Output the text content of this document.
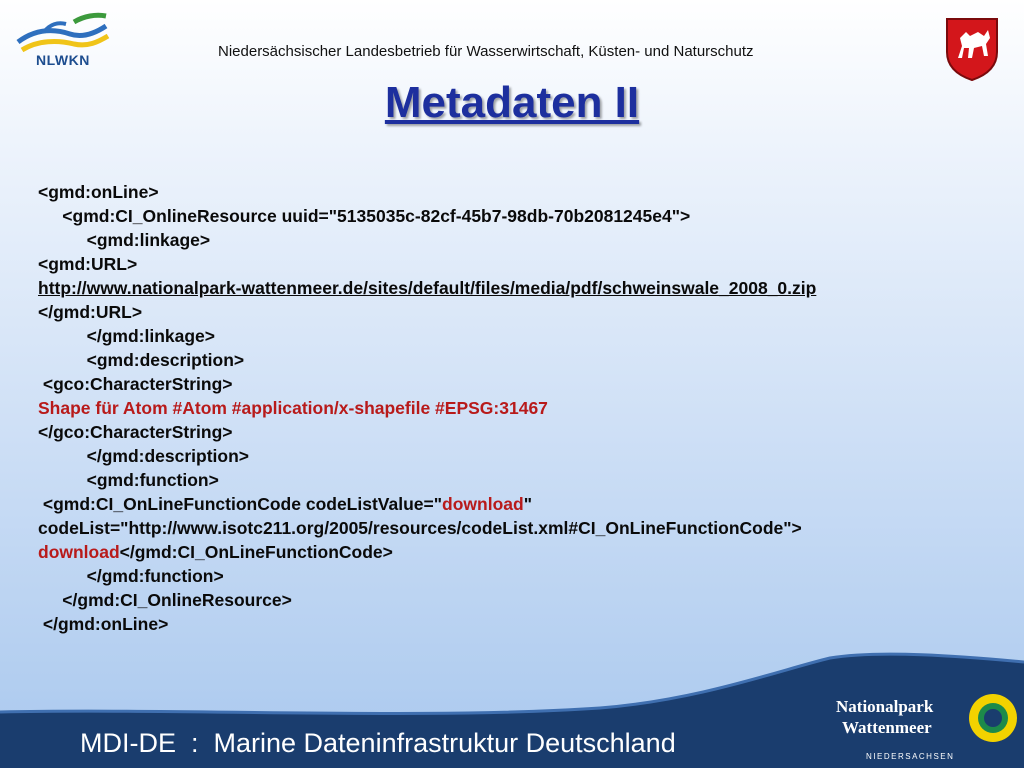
NLWKN	Niedersächsischer Landesbetrieb für Wasserwirtschaft, Küsten- und Naturschutz
Metadaten II
<gmd:onLine>
<gmd:CI_OnlineResource uuid="5135035c-82cf-45b7-98db-70b2081245e4">
<gmd:linkage>
<gmd:URL>
http://www.nationalpark-wattenmeer.de/sites/default/files/media/pdf/schweinswale_2008_0.zip
</gmd:URL>
</gmd:linkage>
<gmd:description>
<gco:CharacterString>
Shape für Atom #Atom #application/x-shapefile #EPSG:31467
</gco:CharacterString>
</gmd:description>
<gmd:function>
<gmd:CI_OnLineFunctionCode codeListValue="download"
codeList="http://www.isotc211.org/2005/resources/codeList.xml#CI_OnLineFunctionCode">
download</gmd:CI_OnLineFunctionCode>
</gmd:function>
</gmd:CI_OnlineResource>
</gmd:onLine>
MDI-DE  :  Marine Dateninfrastruktur Deutschland
Nationalpark
Wattenmeer
NIEDERSACHSEN
